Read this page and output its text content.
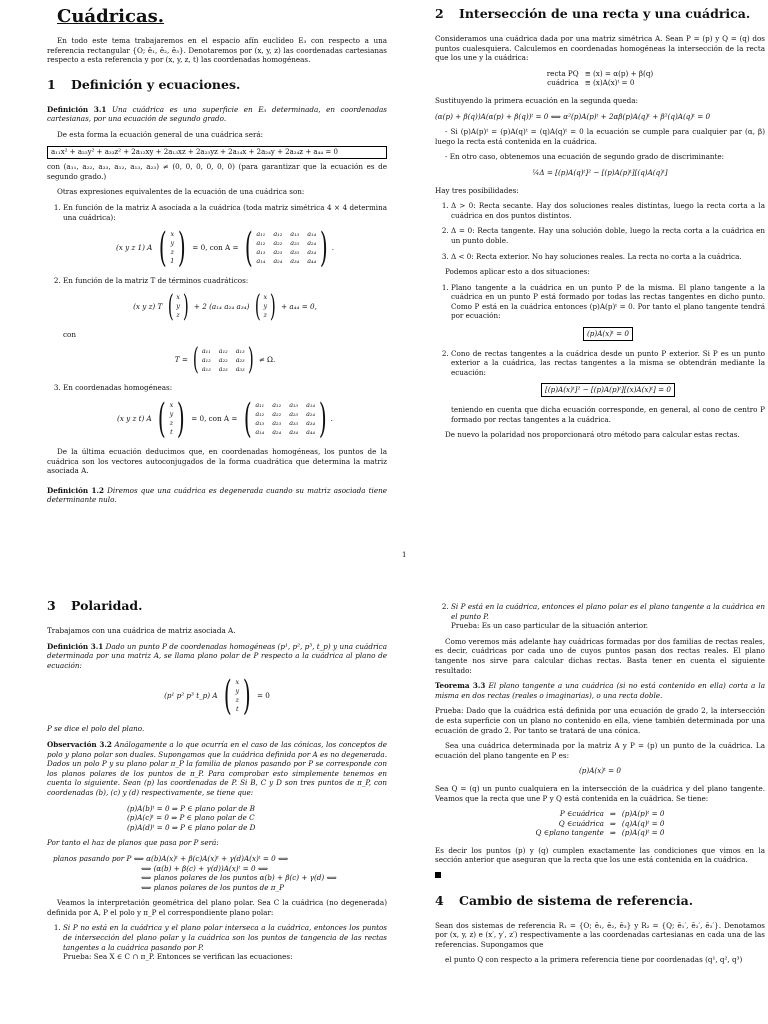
Cuádricas.

En todo este tema trabajaremos en el espacio afín euclídeo E₃ con respecto a una referencia rectangular {O; ē₁, ē₂, ē₃}. Denotaremos por (x, y, z) las coordenadas cartesianas respecto a esta referencia y por (x, y, z, t) las coordenadas homogéneas.

1 Definición y ecuaciones.

Definición 3.1 Una cuádrica es una superficie en E₃ determinada, en coordenadas cartesianas, por una ecuación de segundo grado.

De esta forma la ecuación general de una cuádrica será:

a₁₁x² + a₂₂y² + a₃₃z² + 2a₁₂xy + 2a₁₃xz + 2a₂₃yz + 2a₁₄x + 2a₂₄y + 2a₃₄z + a₄₄ = 0

con (a₁₁, a₂₂, a₃₃, a₁₂, a₁₃, a₂₃) ≠ (0, 0, 0, 0, 0, 0) (para garantizar que la ecuación es de segundo grado.)

Otras expresiones equivalentes de la ecuación de una cuádrica son:

1. En función de la matriz A asociada a la cuádrica (toda matriz simétrica 4 × 4 determina una cuádrica):
(x y z 1) A ( x
y
z
1 ) = 0, con A = ( a₁₁ a₁₂ a₁₃ a₁₄
a₁₂ a₂₂ a₂₃ a₂₄
a₁₃ a₂₃ a₃₃ a₃₄
a₁₄ a₂₄ a₃₄ a₄₄ ) .
2. En función de la matriz T de términos cuadráticos:
(x y z) T ( x
y
z ) + 2 (a₁₄ a₂₄ a₃₄) ( x
y
z ) + a₄₄ = 0,
con
T = ( a₁₁ a₁₂ a₁₃
a₁₂ a₂₂ a₂₃
a₁₃ a₂₃ a₃₃ ) ≠ Ω.
3. En coordenadas homogéneas:
(x y z t) A ( x
y
z
t ) = 0, con A = ( a₁₁ a₁₂ a₁₃ a₁₄
a₁₂ a₂₂ a₂₃ a₂₄
a₁₃ a₂₃ a₃₃ a₃₄
a₁₄ a₂₄ a₃₄ a₄₄ ) .

De la última ecuación deducimos que, en coordenadas homogéneas, los puntos de la cuádrica son los vectores autoconjugados de la forma cuadrática que determina la matriz asociada A.

Definición 1.2 Diremos que una cuádrica es degenerada cuando su matriz asociada tiene determinante nulo.

2 Intersección de una recta y una cuádrica.

Consideramos una cuádrica dada por una matriz simétrica A. Sean P = (p) y Q = (q) dos puntos cualesquiera. Calculemos en coordenadas homogéneas la intersección de la recta que los une y la cuádrica:

recta PQ	≡ (x) = α(p) + β(q)
cuádrica	≡ (x)A(x)ᵗ = 0

Sustituyendo la primera ecuación en la segunda queda:

(α(p) + β(q))A(α(p) + β(q))ᵗ = 0 ⟺ α²(p)A(p)ᵗ + 2αβ(p)A(q)ᵗ + β²(q)A(q)ᵗ = 0

- Si (p)A(p)ᵗ = (p)A(q)ᵗ = (q)A(q)ᵗ = 0 la ecuación se cumple para cualquier par (α, β) luego la recta está contenida en la cuádrica.

- En otro caso, obtenemos una ecuación de segundo grado de discriminante:

¼Δ = [(p)A(q)ᵗ]² − [(p)A(p)ᵗ][(q)A(q)ᵗ]

Hay tres posibilidades:

1. Δ > 0: Recta secante. Hay dos soluciones reales distintas, luego la recta corta a la cuádrica en dos puntos distintos.
2. Δ = 0: Recta tangente. Hay una solución doble, luego la recta corta a la cuádrica en un punto doble.
3. Δ < 0: Recta exterior. No hay soluciones reales. La recta no corta a la cuádrica.

Podemos aplicar esto a dos situaciones:

1. Plano tangente a la cuádrica en un punto P de la misma. El plano tangente a la cuádrica en un punto P está formado por todas las rectas tangentes en dicho punto. Como P está en la cuádrica entonces (p)A(p)ᵗ = 0. Por tanto el plano tangente tendrá por ecuación:
(p)A(x)ᵗ = 0
2. Cono de rectas tangentes a la cuádrica desde un punto P exterior. Si P es un punto exterior a la cuádrica, las rectas tangentes a la misma se obtendrán mediante la ecuación:
[(p)A(x)ᵗ]² − [(p)A(p)ᵗ][(x)A(x)ᵗ] = 0
teniendo en cuenta que dicha ecuación corresponde, en general, al cono de centro P formado por rectas tangentes a la cuádrica.

De nuevo la polaridad nos proporcionará otro método para calcular estas rectas.

1
3 Polaridad.

Trabajamos con una cuádrica de matriz asociada A.

Definición 3.1 Dado un punto P de coordenadas homogéneas (p¹, p², p³, t_p) y una cuádrica determinada por una matriz A, se llama plano polar de P respecto a la cuádrica al plano de ecuación:

(p¹ p² p³ t_p) A ( x
y
z
t ) = 0

P se dice el polo del plano.

Observación 3.2 Análogamente a lo que ocurría en el caso de las cónicas, los conceptos de polo y plano polar son duales. Supongamos que la cuádrica definida por A es no degenerada. Dados un polo P y su plano polar π_P la familia de planos pasando por P se corresponde con los planos polares de los puntos de π_P. Para comprobar esto simplemente tenemos en cuenta lo siguiente. Sean (p) las coordenadas de P. Si B, C y D son tres puntos de π_P, con coordenadas (b), (c) y (d) respectivamente, se tiene que:

(p)A(b)ᵗ = 0 ⇒ P ∈ plano polar de B
(p)A(c)ᵗ = 0 ⇒ P ∈ plano polar de C
(p)A(d)ᵗ = 0 ⇒ P ∈ plano polar de D

Por tanto el haz de planos que pasa por P será:

planos pasando por P ⟺ α(b)A(x)ᵗ + β(c)A(x)ᵗ + γ(d)A(x)ᵗ = 0 ⟺
⟺ (α(b) + β(c) + γ(d))A(x)ᵗ = 0 ⟺
⟺ planos polares de los puntos α(b) + β(c) + γ(d) ⟺
⟺ planos polares de los puntos de π_P

Veamos la interpretación geométrica del plano polar. Sea C la cuádrica (no degenerada) definida por A, P el polo y π_P el correspondiente plano polar:

1. Si P no está en la cuádrica y el plano polar interseca a la cuádrica, entonces los puntos de intersección del plano polar y la cuádrica son los puntos de tangencia de las rectas tangentes a la cuádrica pasando por P.
Prueba: Sea X ∈ C ∩ π_P. Entonces se verifican las ecuaciones:
2. Si P está en la cuádrica, entonces el plano polar es el plano tangente a la cuádrica en el punto P.
Prueba: Es un caso particular de la situación anterior.

Como veremos más adelante hay cuádricas formadas por dos familias de rectas reales, es decir, cuádricas por cada uno de cuyos puntos pasan dos rectas reales. El plano tangente nos sirve para calcular dichas rectas. Basta tener en cuenta el siguiente resultado:

Teorema 3.3 El plano tangente a una cuádrica (si no está contenido en ella) corta a la misma en dos rectas (reales o imaginarias), o una recta doble.

Prueba: Dado que la cuádrica está definida por una ecuación de grado 2, la intersección de esta superficie con un plano no contenido en ella, viene también determinada por una ecuación de grado 2. Por tanto se tratará de una cónica.

Sea una cuádrica determinada por la matriz A y P = (p) un punto de la cuádrica. La ecuación del plano tangente en P es:

(p)A(x)ᵗ = 0

Sea Q = (q) un punto cualquiera en la intersección de la cuádrica y del plano tangente. Veamos que la recta que une P y Q está contenida en la cuádrica. Se tiene:

P ∈cuádrica	⇒	(p)A(p)ᵗ = 0
Q ∈cuádrica	⇒	(q)A(q)ᵗ = 0
Q ∈plano tangente	⇒	(p)A(q)ᵗ = 0

Es decir los puntos (p) y (q) cumplen exactamente las condiciones que vimos en la sección anterior que aseguran que la recta que los une está contenida en la cuádrica.

4 Cambio de sistema de referencia.

Sean dos sistemas de referencia R₁ = {O; ē₁, ē₂, ē₃} y R₂ = {Q; ē₁′, ē₂′, ē₃′}. Denotamos por (x, y, z) e (x′, y′, z′) respectivamente a las coordenadas cartesianas en cada una de las referencias. Supongamos que

el punto Q con respecto a la primera referencia tiene por coordenadas (q¹, q², q³)
